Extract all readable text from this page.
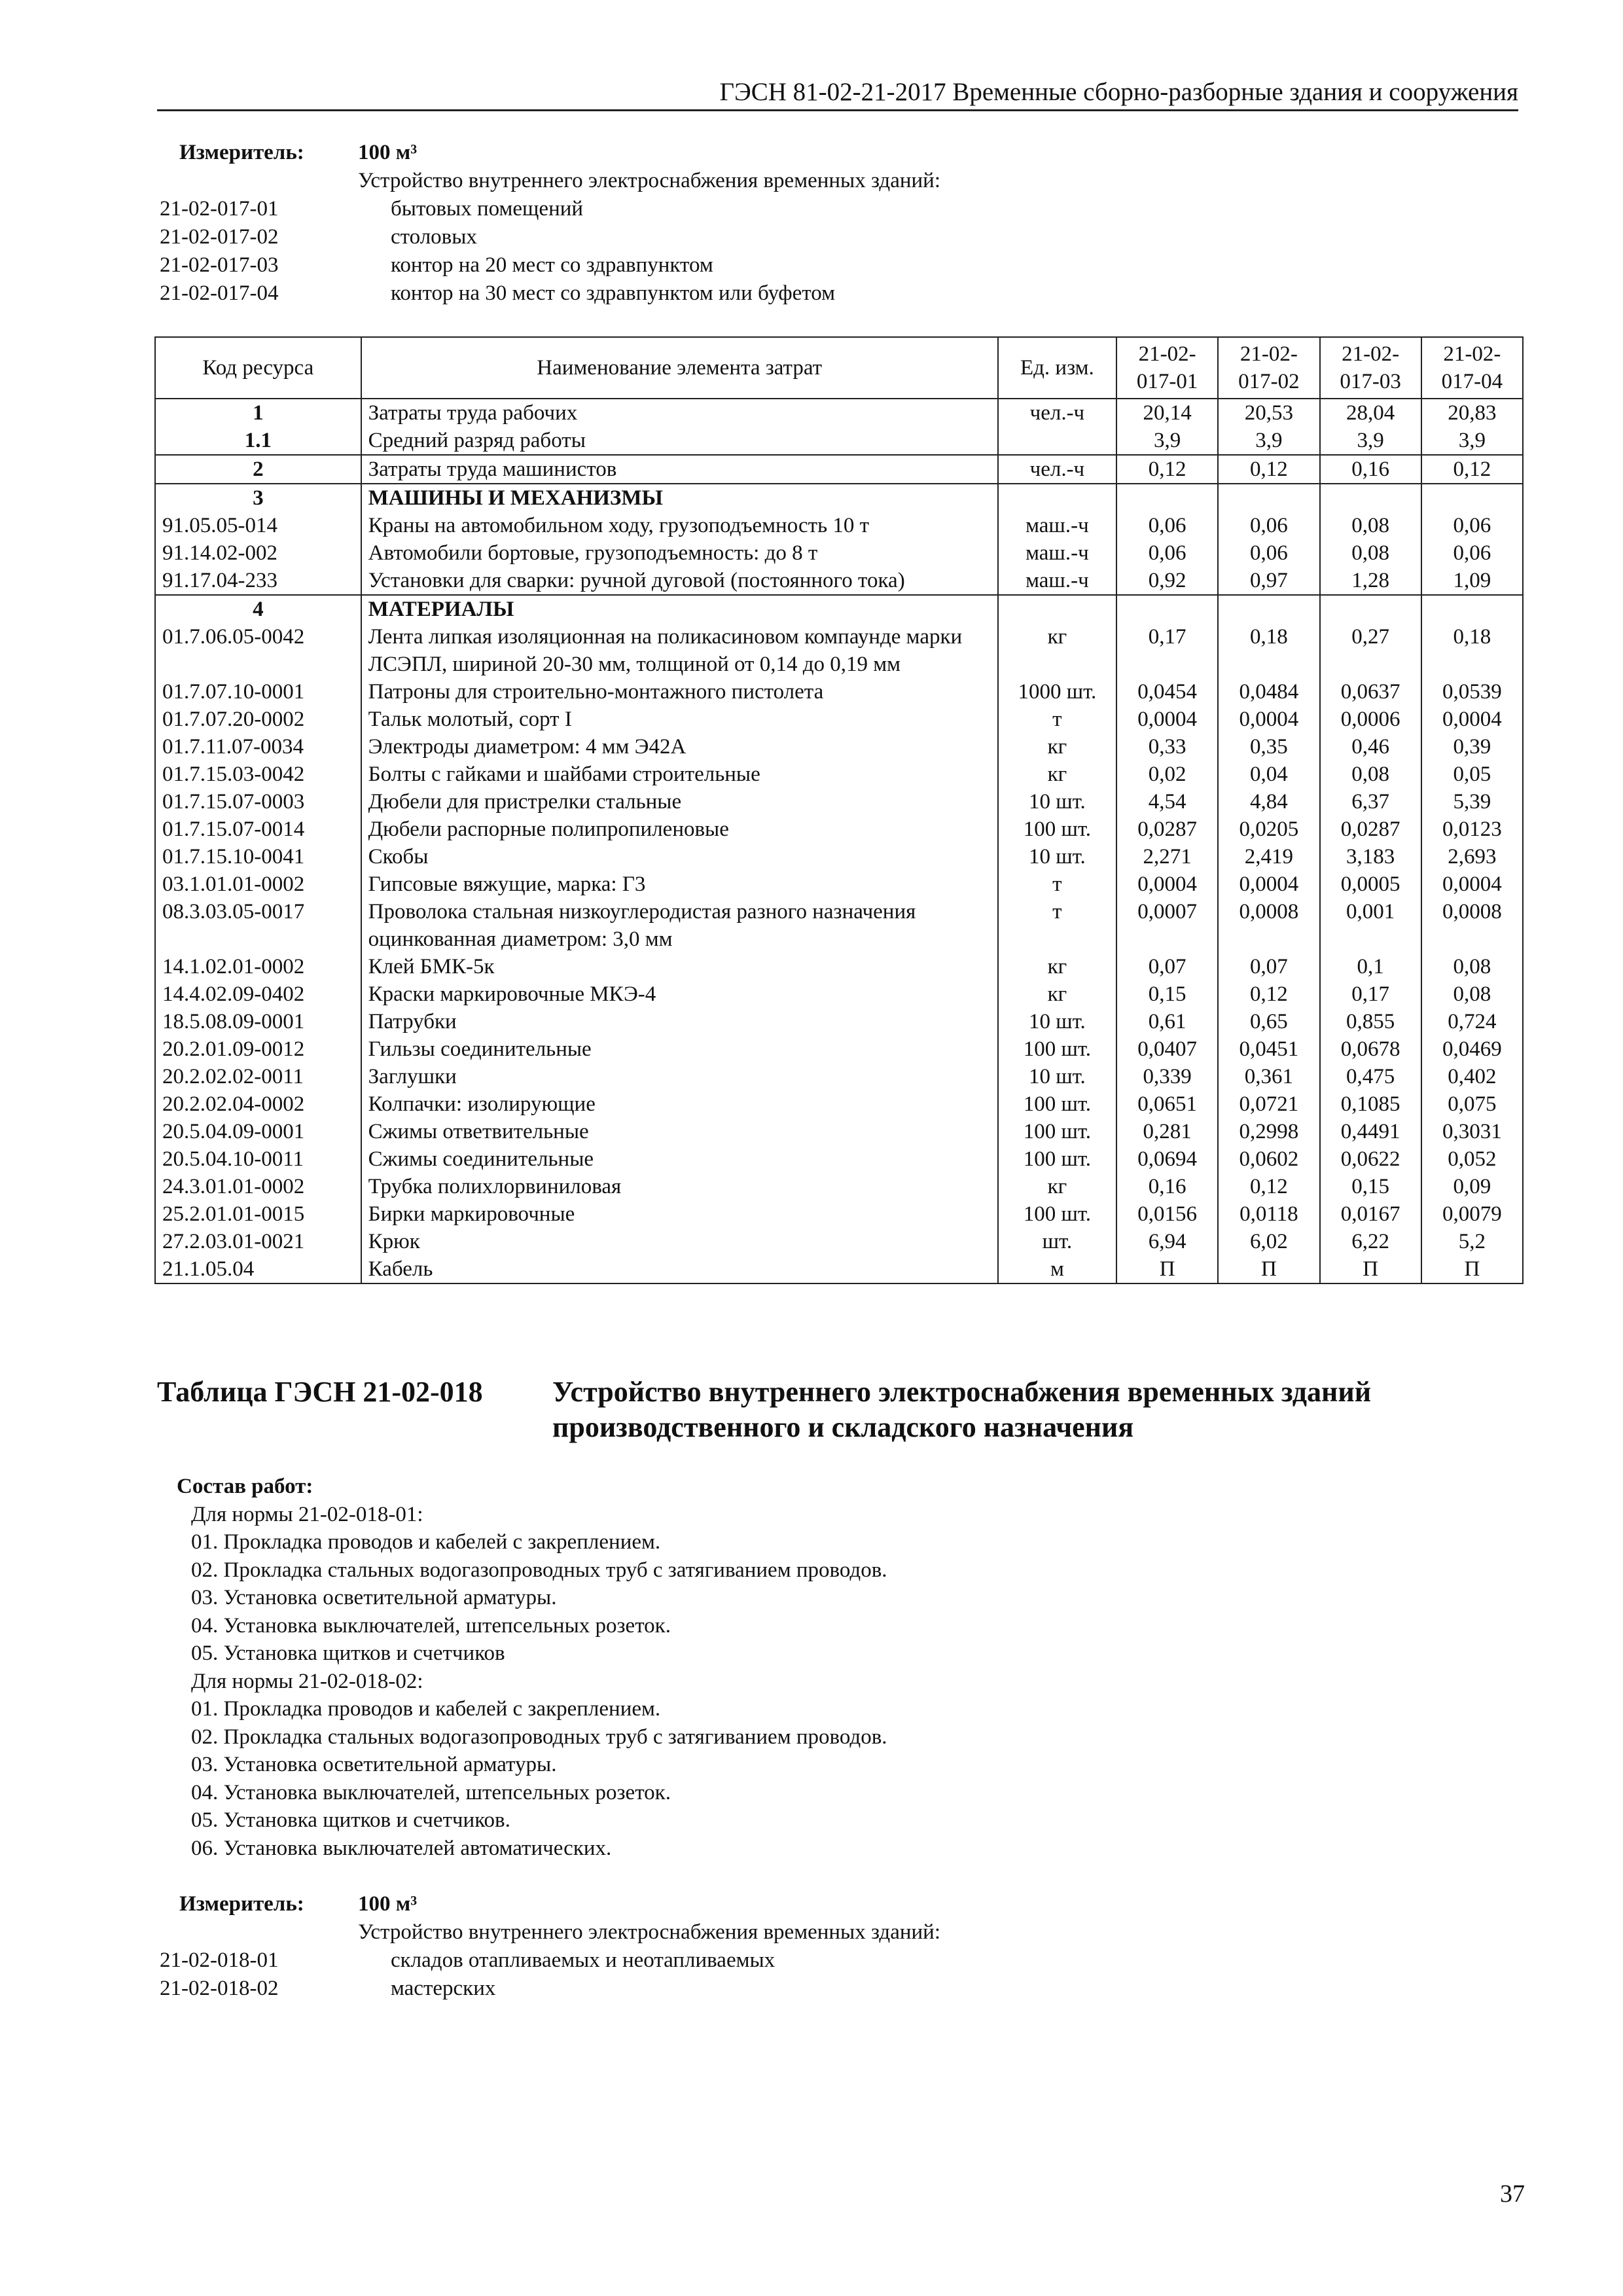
ГЭСН 81-02-21-2017 Временные сборно-разборные здания и сооружения
Измеритель:	100 м³
Устройство внутреннего электроснабжения временных зданий:
21-02-017-01	бытовых помещений
21-02-017-02	столовых
21-02-017-03	контор на 20 мест со здравпунктом
21-02-017-04	контор на 30 мест со здравпунктом или буфетом
Код ресурса	Наименование элемента затрат	Ед. изм.	21-02-017-01	21-02-017-02	21-02-017-03	21-02-017-04
1	Затраты труда рабочих	чел.-ч	20,14	20,53	28,04	20,83
1.1	Средний разряд работы		3,9	3,9	3,9	3,9
2	Затраты труда машинистов	чел.-ч	0,12	0,12	0,16	0,12
3	МАШИНЫ И МЕХАНИЗМЫ					
91.05.05-014	Краны на автомобильном ходу, грузоподъемность 10 т	маш.-ч	0,06	0,06	0,08	0,06
91.14.02-002	Автомобили бортовые, грузоподъемность: до 8 т	маш.-ч	0,06	0,06	0,08	0,06
91.17.04-233	Установки для сварки: ручной дуговой (постоянного тока)	маш.-ч	0,92	0,97	1,28	1,09
4	МАТЕРИАЛЫ					
01.7.06.05-0042	Лента липкая изоляционная на поликасиновом компаунде марки ЛСЭПЛ, шириной 20-30 мм, толщиной от 0,14 до 0,19 мм	кг	0,17	0,18	0,27	0,18
01.7.07.10-0001	Патроны для строительно-монтажного пистолета	1000 шт.	0,0454	0,0484	0,0637	0,0539
01.7.07.20-0002	Тальк молотый, сорт I	т	0,0004	0,0004	0,0006	0,0004
01.7.11.07-0034	Электроды диаметром: 4 мм Э42А	кг	0,33	0,35	0,46	0,39
01.7.15.03-0042	Болты с гайками и шайбами строительные	кг	0,02	0,04	0,08	0,05
01.7.15.07-0003	Дюбели для пристрелки стальные	10 шт.	4,54	4,84	6,37	5,39
01.7.15.07-0014	Дюбели распорные полипропиленовые	100 шт.	0,0287	0,0205	0,0287	0,0123
01.7.15.10-0041	Скобы	10 шт.	2,271	2,419	3,183	2,693
03.1.01.01-0002	Гипсовые вяжущие, марка: Г3	т	0,0004	0,0004	0,0005	0,0004
08.3.03.05-0017	Проволока стальная низкоуглеродистая разного назначения оцинкованная диаметром: 3,0 мм	т	0,0007	0,0008	0,001	0,0008
14.1.02.01-0002	Клей БМК-5к	кг	0,07	0,07	0,1	0,08
14.4.02.09-0402	Краски маркировочные МКЭ-4	кг	0,15	0,12	0,17	0,08
18.5.08.09-0001	Патрубки	10 шт.	0,61	0,65	0,855	0,724
20.2.01.09-0012	Гильзы соединительные	100 шт.	0,0407	0,0451	0,0678	0,0469
20.2.02.02-0011	Заглушки	10 шт.	0,339	0,361	0,475	0,402
20.2.02.04-0002	Колпачки: изолирующие	100 шт.	0,0651	0,0721	0,1085	0,075
20.5.04.09-0001	Сжимы ответвительные	100 шт.	0,281	0,2998	0,4491	0,3031
20.5.04.10-0011	Сжимы соединительные	100 шт.	0,0694	0,0602	0,0622	0,052
24.3.01.01-0002	Трубка полихлорвиниловая	кг	0,16	0,12	0,15	0,09
25.2.01.01-0015	Бирки маркировочные	100 шт.	0,0156	0,0118	0,0167	0,0079
27.2.03.01-0021	Крюк	шт.	6,94	6,02	6,22	5,2
21.1.05.04	Кабель	м	П	П	П	П
Таблица ГЭСН 21-02-018	Устройство внутреннего электроснабжения временных зданий
производственного и складского назначения
Состав работ:
Для нормы 21-02-018-01:
01. Прокладка проводов и кабелей с закреплением.
02. Прокладка стальных водогазопроводных труб с затягиванием проводов.
03. Установка осветительной арматуры.
04. Установка выключателей, штепсельных розеток.
05. Установка щитков и счетчиков
Для нормы 21-02-018-02:
01. Прокладка проводов и кабелей с закреплением.
02. Прокладка стальных водогазопроводных труб с затягиванием проводов.
03. Установка осветительной арматуры.
04. Установка выключателей, штепсельных розеток.
05. Установка щитков и счетчиков.
06. Установка выключателей автоматических.
Измеритель:	100 м³
Устройство внутреннего электроснабжения временных зданий:
21-02-018-01	складов отапливаемых и неотапливаемых
21-02-018-02	мастерских
37
